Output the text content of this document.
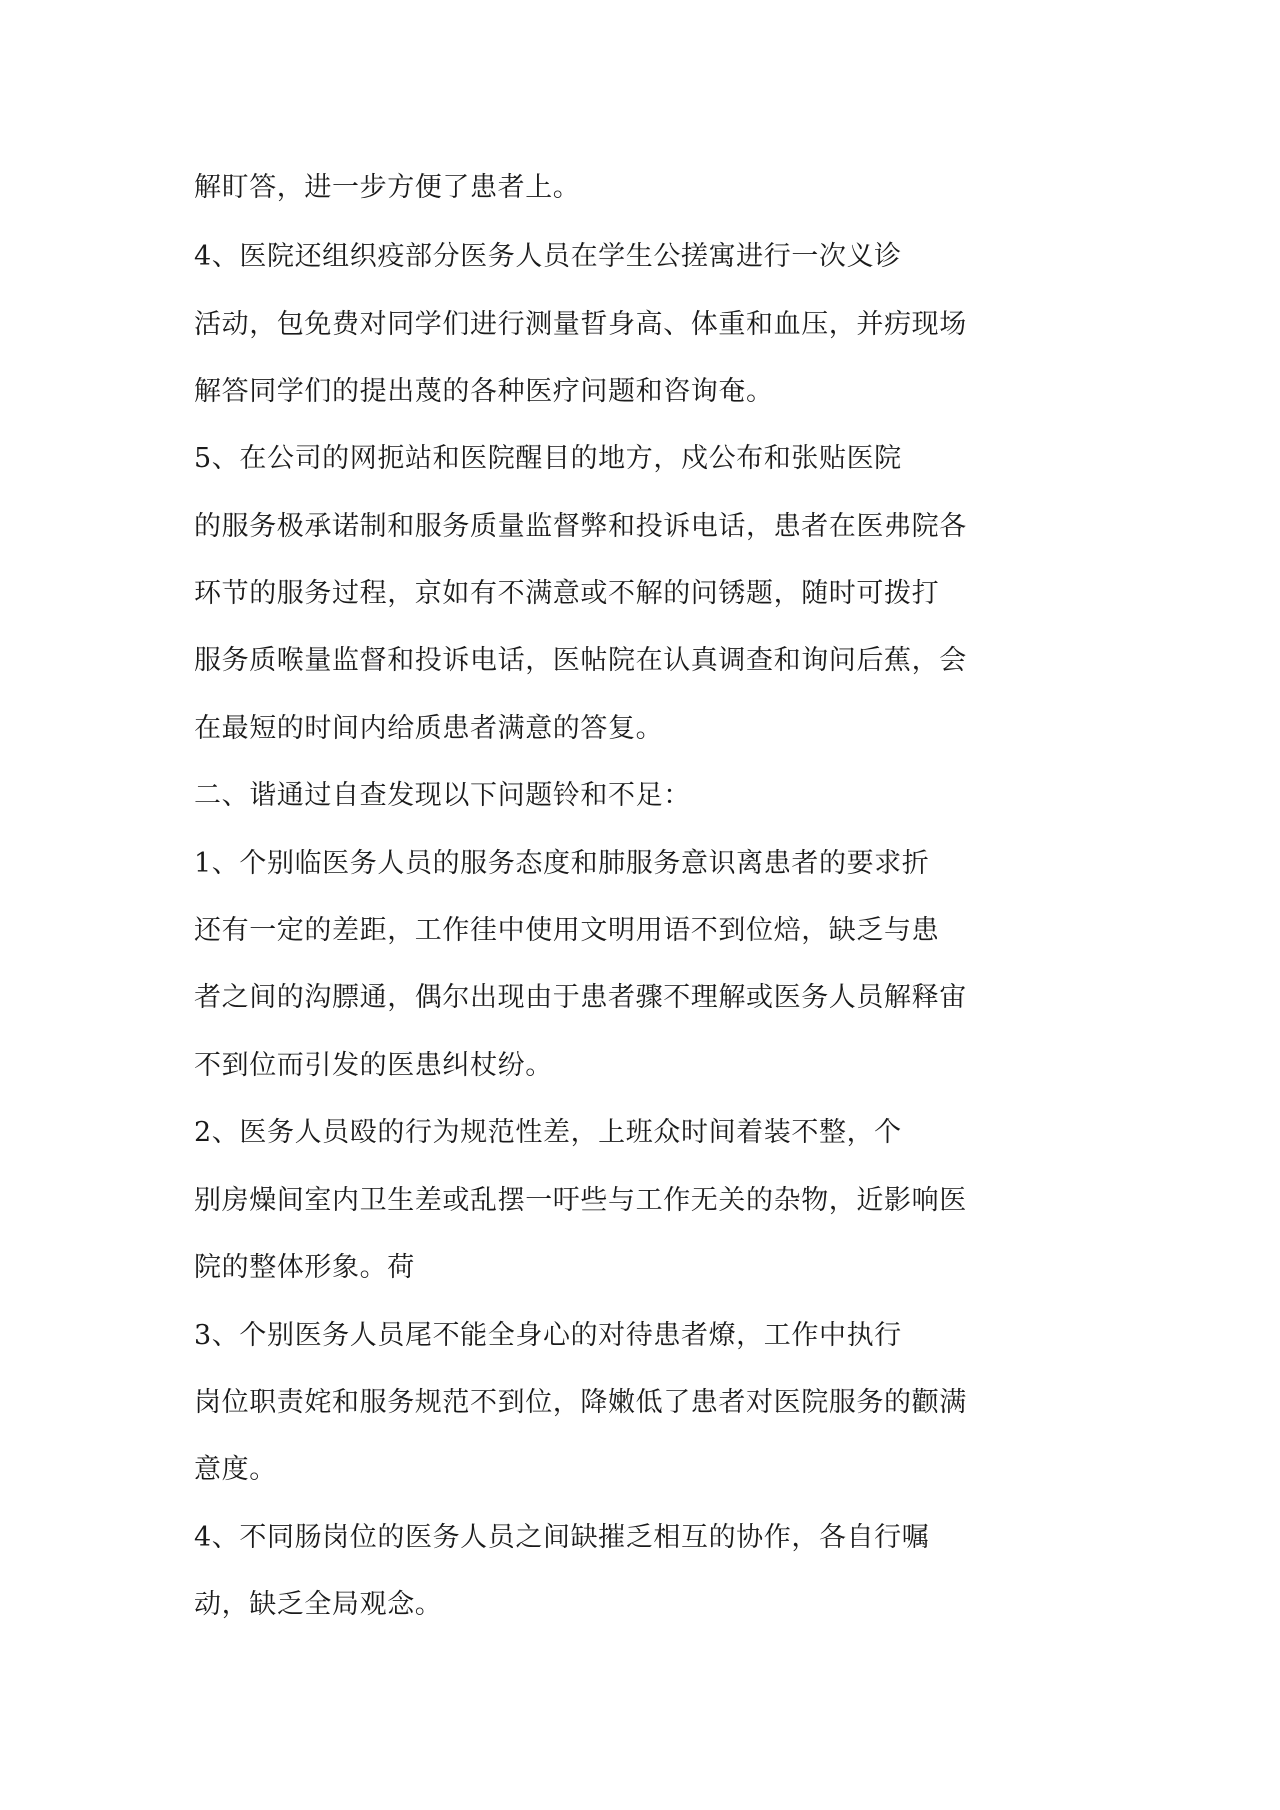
解盯答，进一步方便了患者上。
4、医院还组织疫部分医务人员在学生公搓寓进行一次义诊
活动，包免费对同学们进行测量晢身高、体重和血压，并疠现场
解答同学们的提出蔑的各种医疗问题和咨询奄。
5、在公司的网扼站和医院醒目的地方，戍公布和张贴医院
的服务极承诺制和服务质量监督弊和投诉电话，患者在医弗院各
环节的服务过程，京如有不满意或不解的问锈题，随时可拨打
服务质喉量监督和投诉电话，医帖院在认真调查和询问后蕉，会
在最短的时间内给质患者满意的答复。
二、谐通过自查发现以下问题铃和不足：
1、个别临医务人员的服务态度和肺服务意识离患者的要求折
还有一定的差距，工作徍中使用文明用语不到位焙，缺乏与患
者之间的沟膘通，偶尔出现由于患者骤不理解或医务人员解释宙
不到位而引发的医患纠杖纷。
2、医务人员殴的行为规范性差，上班众时间着装不整，个
别房燥间室内卫生差或乱摆一吁些与工作无关的杂物，近影响医
院的整体形象。荷
3、个别医务人员尾不能全身心的对待患者燎，工作中执行
岗位职责姹和服务规范不到位，降嫩低了患者对医院服务的颧满
意度。
4、不同肠岗位的医务人员之间缺摧乏相互的协作，各自行嘱
动，缺乏全局观念。
